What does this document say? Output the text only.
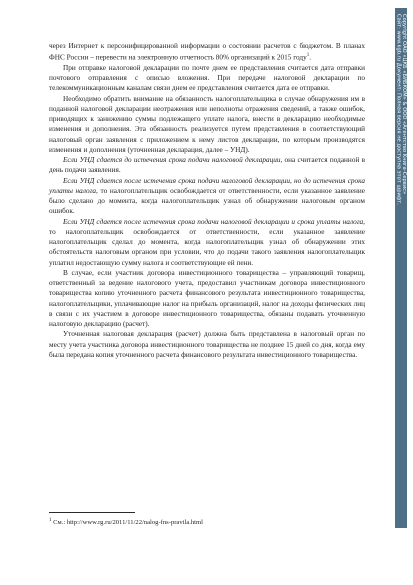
через Интернет к персонифицированной информации о состоянии расчетов с бюджетом. В планах ФНС России – перевести на электронную отчетность 80% организаций к 2015 году$^1$.

При отправке налоговой декларации по почте днем ее представления считается дата отправки почтового отправления с описью вложения. При передаче налоговой декларации по телекоммуникационным каналам связи днем ее представления считается дата ее отправки.

Необходимо обратить внимание на обязанность налогоплательщика в случае обнаружения им в поданной налоговой декларации неотражения или неполноты отражения сведений, а также ошибок, приводящих к занижению суммы подлежащего уплате налога, внести в декларацию необходимые изменения и дополнения. Эта обязанность реализуется путем представления в соответствующий налоговый орган заявления с приложением к нему листов декларации, по которым производятся изменения и дополнения (уточненная декларация, далее – УНД).

Если УНД сдается до истечения срока подачи налоговой декларации, она считается поданной в день подачи заявления.

Если УНД сдается после истечения срока подачи налоговой декларации, но до истечения срока уплаты налога, то налогоплательщик освобождается от ответственности, если указанное заявление было сделано до момента, когда налогоплательщик узнал об обнаружении налоговым органом ошибок.

Если УНД сдается после истечения срока подачи налоговой декларации и срока уплаты налога, то налогоплательщик освобождается от ответственности, если указанное заявление налогоплательщик сделал до момента, когда налогоплательщик узнал об обнаружении этих обстоятельств налоговым органом при условии, что до подачи такого заявления налогоплательщик уплатил недостающую сумму налога и соответствующие ей пени.

В случае, если участник договора инвестиционного товарищества – управляющий товарищ, ответственный за ведение налогового учета, предоставил участникам договора инвестиционного товарищества копию уточненного расчета финансового результата инвестиционного товарищества, налогоплательщики, уплачивающие налог на прибыль организаций, налог на доходы физических лиц в связи с их участием в договоре инвестиционного товарищества, обязаны подавать уточненную налоговую декларацию (расчет).

Уточненная налоговая декларация (расчет) должна быть представлена в налоговый орган по месту учета участника договора инвестиционного товарищества не позднее 15 дней со дня, когда ему была передана копия уточненного расчета финансового результата инвестиционного товарищества.

$^1$ См.: http://www.rg.ru/2011/11/22/nalog-fns-pravila.html
Copyright ОАО «ЦКБ «БИБКОМ» & ООО «Aгентство Kнига-Cервис»
Сайт: www.kgb.ru Документ: Полная версия не доступна этот шрифт.
